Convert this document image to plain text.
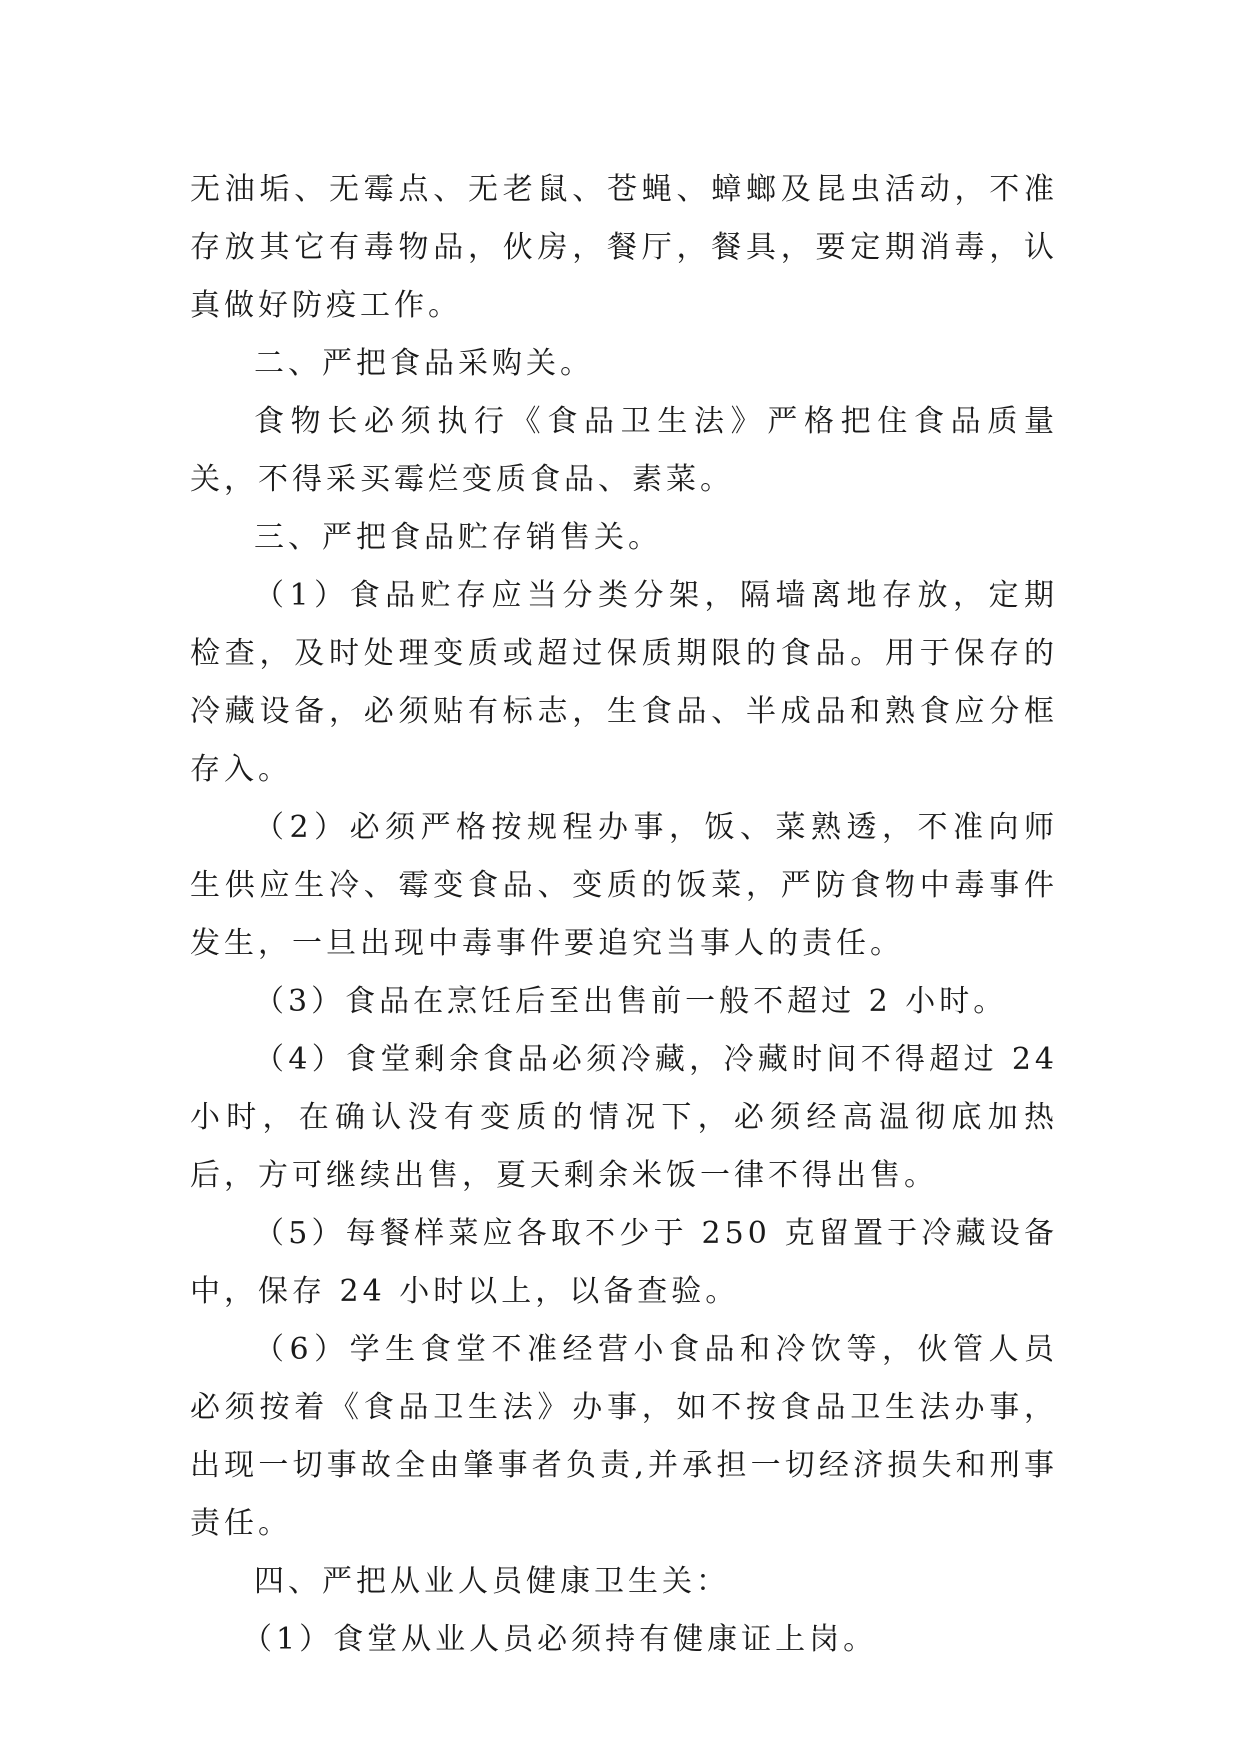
无油垢、无霉点、无老鼠、苍蝇、蟑螂及昆虫活动，不准存放其它有毒物品，伙房，餐厅，餐具，要定期消毒，认真做好防疫工作。

二、严把食品采购关。

食物长必须执行《食品卫生法》严格把住食品质量关，不得采买霉烂变质食品、素菜。

三、严把食品贮存销售关。

（1）食品贮存应当分类分架，隔墙离地存放，定期检查，及时处理变质或超过保质期限的食品。用于保存的冷藏设备，必须贴有标志，生食品、半成品和熟食应分框存入。

（2）必须严格按规程办事，饭、菜熟透，不准向师生供应生冷、霉变食品、变质的饭菜，严防食物中毒事件发生，一旦出现中毒事件要追究当事人的责任。

（3）食品在烹饪后至出售前一般不超过 2 小时。

（4）食堂剩余食品必须冷藏，冷藏时间不得超过 24 小时，在确认没有变质的情况下，必须经高温彻底加热后，方可继续出售，夏天剩余米饭一律不得出售。

（5）每餐样菜应各取不少于 250 克留置于冷藏设备中，保存 24 小时以上，以备查验。

（6）学生食堂不准经营小食品和冷饮等，伙管人员必须按着《食品卫生法》办事，如不按食品卫生法办事，出现一切事故全由肇事者负责,并承担一切经济损失和刑事责任。

四、严把从业人员健康卫生关：

（1）食堂从业人员必须持有健康证上岗。
